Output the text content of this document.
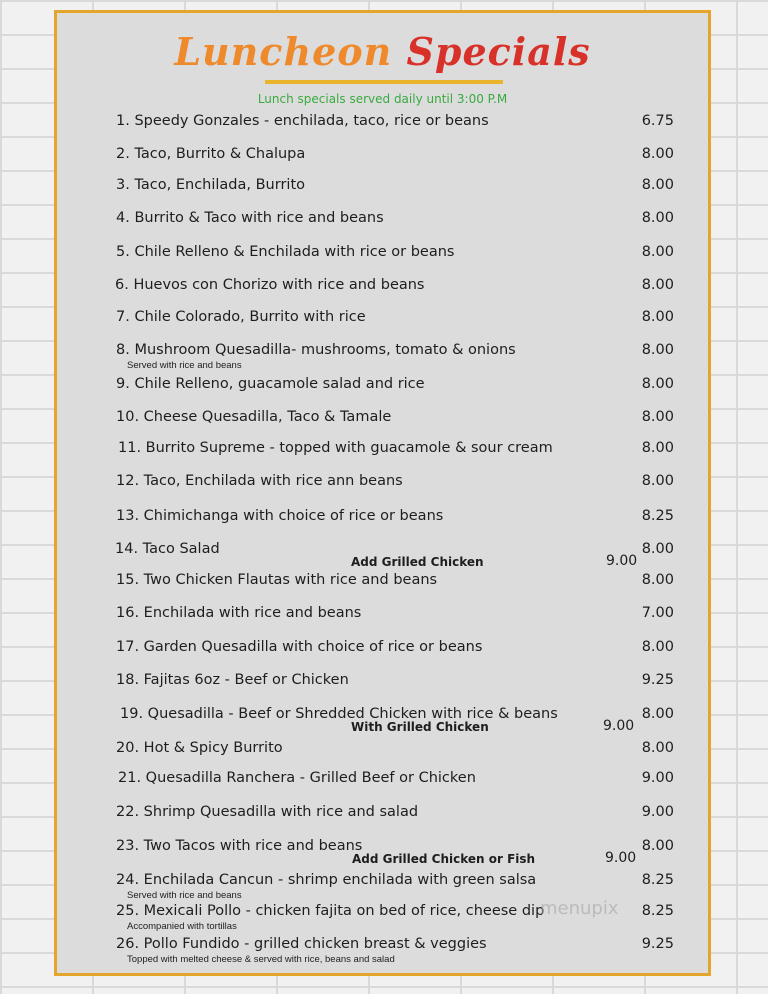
Luncheon Specials
Lunch specials served daily until 3:00 P.M
1. Speedy Gonzales - enchilada, taco, rice or beans	6.75
2. Taco, Burrito & Chalupa	8.00
3. Taco, Enchilada, Burrito	8.00
4. Burrito & Taco with rice and beans	8.00
5. Chile Relleno & Enchilada with rice or beans	8.00
6. Huevos con Chorizo with rice and beans	8.00
7. Chile Colorado, Burrito with rice	8.00
8. Mushroom Quesadilla- mushrooms, tomato & onions	8.00
Served with rice and beans
9. Chile Relleno, guacamole salad and rice	8.00
10. Cheese Quesadilla, Taco & Tamale	8.00
11. Burrito Supreme - topped with guacamole & sour cream	8.00
12. Taco, Enchilada with rice ann beans	8.00
13. Chimichanga with choice of rice or beans	8.25
14. Taco Salad	8.00
Add Grilled Chicken	9.00
15. Two Chicken Flautas with rice and beans	8.00
16. Enchilada with rice and beans	7.00
17. Garden Quesadilla with choice of rice or beans	8.00
18. Fajitas 6oz - Beef or Chicken	9.25
19. Quesadilla - Beef or Shredded Chicken with rice & beans	8.00
With Grilled Chicken	9.00
20. Hot & Spicy Burrito	8.00
21. Quesadilla Ranchera - Grilled Beef or Chicken	9.00
22. Shrimp Quesadilla with rice and salad	9.00
23. Two Tacos with rice and beans	8.00
Add Grilled Chicken or Fish	9.00
24. Enchilada Cancun - shrimp enchilada with green salsa	8.25
Served with rice and beans
25. Mexicali Pollo - chicken fajita on bed of rice, cheese dip	8.25
Accompanied with tortillas
26. Pollo Fundido - grilled chicken breast & veggies	9.25
Topped with melted cheese & served with rice, beans and salad
menupix
